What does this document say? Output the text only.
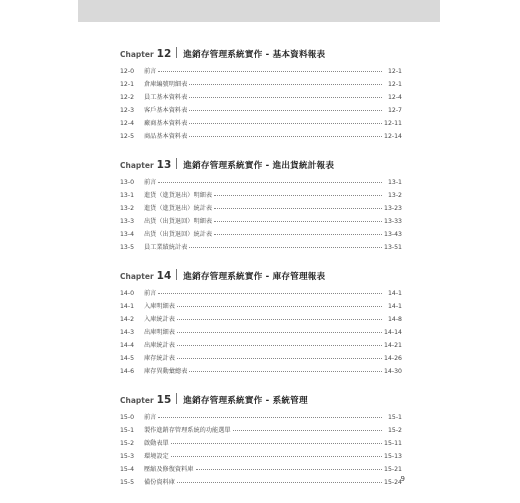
Chapter 12 進銷存管理系統實作 - 基本資料報表
12-0	前言	12-1
12-1	倉庫編號明細表	12-1
12-2	員工基本資料表	12-4
12-3	客戶基本資料表	12-7
12-4	廠商基本資料表	12-11
12-5	商品基本資料表	12-14
Chapter 13 進銷存管理系統實作 - 進出貨統計報表
13-0	前言	13-1
13-1	進貨（進貨退出）明細表	13-2
13-2	進貨（進貨退出）統計表	13-23
13-3	出貨（出貨退回）明細表	13-33
13-4	出貨（出貨退回）統計表	13-43
13-5	員工業績統計表	13-51
Chapter 14 進銷存管理系統實作 - 庫存管理報表
14-0	前言	14-1
14-1	入庫明細表	14-1
14-2	入庫統計表	14-8
14-3	出庫明細表	14-14
14-4	出庫統計表	14-21
14-5	庫存統計表	14-26
14-6	庫存異動彙總表	14-30
Chapter 15 進銷存管理系統實作 - 系統管理
15-0	前言	15-1
15-1	製作進銷存管理系統的功能選單	15-2
15-2	啟動表單	15-11
15-3	環境設定	15-13
15-4	壓縮及修復資料庫	15-21
15-5	備份資料庫	15-24
9
